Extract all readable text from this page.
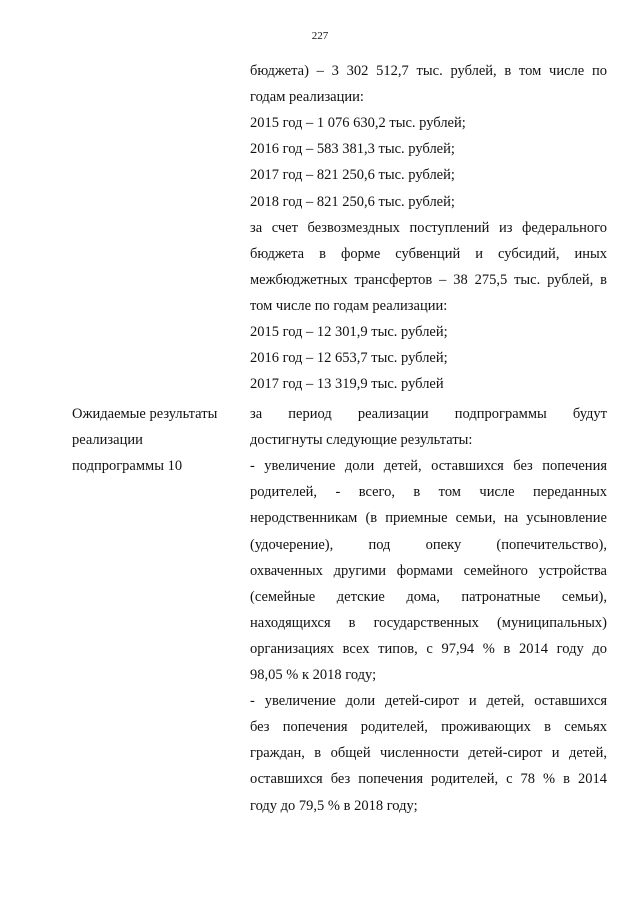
227
бюджета) – 3 302 512,7 тыс. рублей, в том числе по
годам реализации:
2015 год – 1 076 630,2 тыс. рублей;
2016 год – 583 381,3 тыс. рублей;
2017 год – 821 250,6 тыс. рублей;
2018 год – 821 250,6 тыс. рублей;
за счет безвозмездных поступлений из федерального
бюджета в форме субвенций и субсидий, иных
межбюджетных трансфертов – 38 275,5 тыс. рублей, в
том числе по годам реализации:
2015 год – 12 301,9 тыс. рублей;
2016 год – 12 653,7 тыс. рублей;
2017 год – 13 319,9 тыс. рублей
Ожидаемые результаты
реализации
подпрограммы 10
за период реализации подпрограммы будут
достигнуты следующие результаты:
- увеличение доли детей, оставшихся без попечения
родителей, - всего, в том числе переданных
неродственникам (в приемные семьи, на усыновление
(удочерение), под опеку (попечительство),
охваченных другими формами семейного устройства
(семейные детские дома, патронатные семьи),
находящихся в государственных (муниципальных)
организациях всех типов, с 97,94 % в 2014 году до
98,05 % к 2018 году;
- увеличение доли детей-сирот и детей, оставшихся
без попечения родителей, проживающих в семьях
граждан, в общей численности детей-сирот и детей,
оставшихся без попечения родителей, с 78 % в 2014
году до 79,5 % в 2018 году;
